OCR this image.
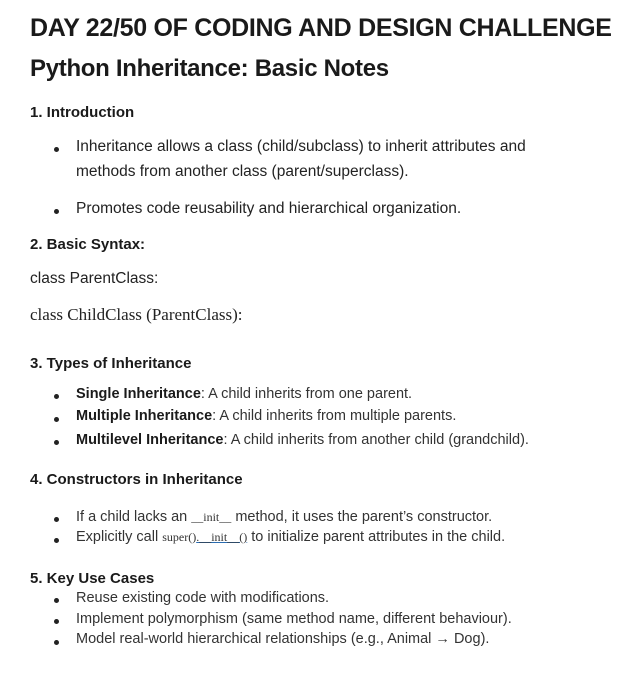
DAY 22/50 OF CODING AND DESIGN CHALLENGE
Python Inheritance: Basic Notes
1. Introduction
Inheritance allows a class (child/subclass) to inherit attributes and
methods from another class (parent/superclass).
Promotes code reusability and hierarchical organization.
2. Basic Syntax:
class ParentClass:
class ChildClass (ParentClass):
3. Types of Inheritance
Single Inheritance: A child inherits from one parent.
Multiple Inheritance: A child inherits from multiple parents.
Multilevel Inheritance: A child inherits from another child (grandchild).
4. Constructors in Inheritance
If a child lacks an __init__ method, it uses the parent’s constructor.
Explicitly call super().__init__() to initialize parent attributes in the child.
5. Key Use Cases
Reuse existing code with modifications.
Implement polymorphism (same method name, different behaviour).
Model real-world hierarchical relationships (e.g., Animal → Dog).
